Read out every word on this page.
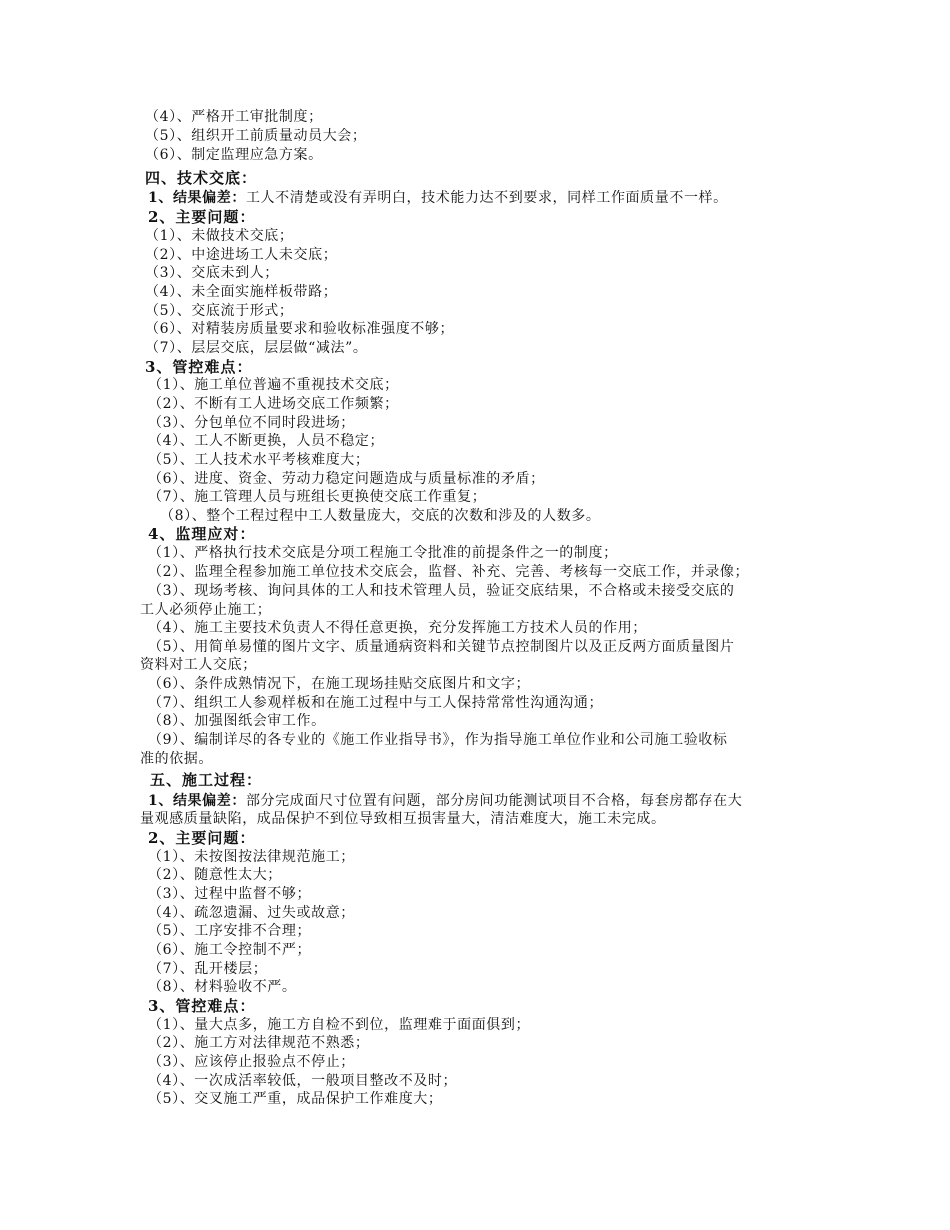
（4）、严格开工审批制度；
（5）、组织开工前质量动员大会；
（6）、制定监理应急方案。
四、技术交底：
1、结果偏差：工人不清楚或没有弄明白，技术能力达不到要求，同样工作面质量不一样。
2、主要问题：
（1）、未做技术交底；
（2）、中途进场工人未交底；
（3）、交底未到人；
（4）、未全面实施样板带路；
（5）、交底流于形式；
（6）、对精装房质量要求和验收标准强度不够；
（7）、层层交底，层层做“减法”。
3、管控难点：
（1）、施工单位普遍不重视技术交底；
（2）、不断有工人进场交底工作频繁；
（3）、分包单位不同时段进场；
（4）、工人不断更换，人员不稳定；
（5）、工人技术水平考核难度大；
（6）、进度、资金、劳动力稳定问题造成与质量标准的矛盾；
（7）、施工管理人员与班组长更换使交底工作重复；
（8）、整个工程过程中工人数量庞大，交底的次数和涉及的人数多。
4、监理应对：
（1）、严格执行技术交底是分项工程施工令批准的前提条件之一的制度；
（2）、监理全程参加施工单位技术交底会，监督、补充、完善、考核每一交底工作，并录像；
（3）、现场考核、询问具体的工人和技术管理人员，验证交底结果，不合格或未接受交底的
工人必须停止施工；
（4）、施工主要技术负责人不得任意更换，充分发挥施工方技术人员的作用；
（5）、用简单易懂的图片文字、质量通病资料和关键节点控制图片以及正反两方面质量图片
资料对工人交底；
（6）、条件成熟情况下，在施工现场挂贴交底图片和文字；
（7）、组织工人参观样板和在施工过程中与工人保持常常性沟通沟通；
（8）、加强图纸会审工作。
（9）、编制详尽的各专业的《施工作业指导书》，作为指导施工单位作业和公司施工验收标
准的依据。
五、施工过程：
1、结果偏差：部分完成面尺寸位置有问题，部分房间功能测试项目不合格，每套房都存在大
量观感质量缺陷，成品保护不到位导致相互损害量大，清洁难度大，施工未完成。
2、主要问题：
（1）、未按图按法律规范施工；
（2）、随意性太大；
（3）、过程中监督不够；
（4）、疏忽遗漏、过失或故意；
（5）、工序安排不合理；
（6）、施工令控制不严；
（7）、乱开楼层；
（8）、材料验收不严。
3、管控难点：
（1）、量大点多，施工方自检不到位，监理难于面面俱到；
（2）、施工方对法律规范不熟悉；
（3）、应该停止报验点不停止；
（4）、一次成活率较低，一般项目整改不及时；
（5）、交叉施工严重，成品保护工作难度大；
